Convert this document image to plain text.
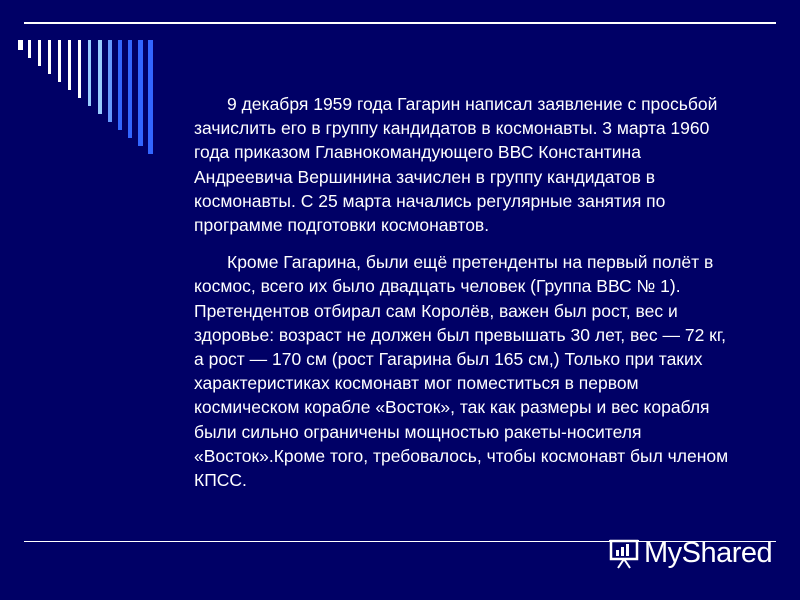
9 декабря 1959 года Гагарин написал заявление с просьбой зачислить его в группу кандидатов в космонавты. 3 марта 1960 года приказом Главнокомандующего ВВС Константина Андреевича Вершинина зачислен в группу кандидатов в космонавты. С 25 марта начались регулярные занятия по программе подготовки космонавтов.

Кроме Гагарина, были ещё претенденты на первый полёт в космос, всего их было двадцать человек (Группа ВВС № 1). Претендентов отбирал сам Королёв, важен был рост, вес и здоровье: возраст не должен был превышать 30 лет, вес — 72 кг, а рост — 170 см (рост Гагарина был 165 см,) Только при таких характеристиках космонавт мог поместиться в первом космическом корабле «Восток», так как размеры и вес корабля были сильно ограничены мощностью ракеты-носителя «Восток».Кроме того, требовалось, чтобы космонавт был членом КПСС.

MyShared
